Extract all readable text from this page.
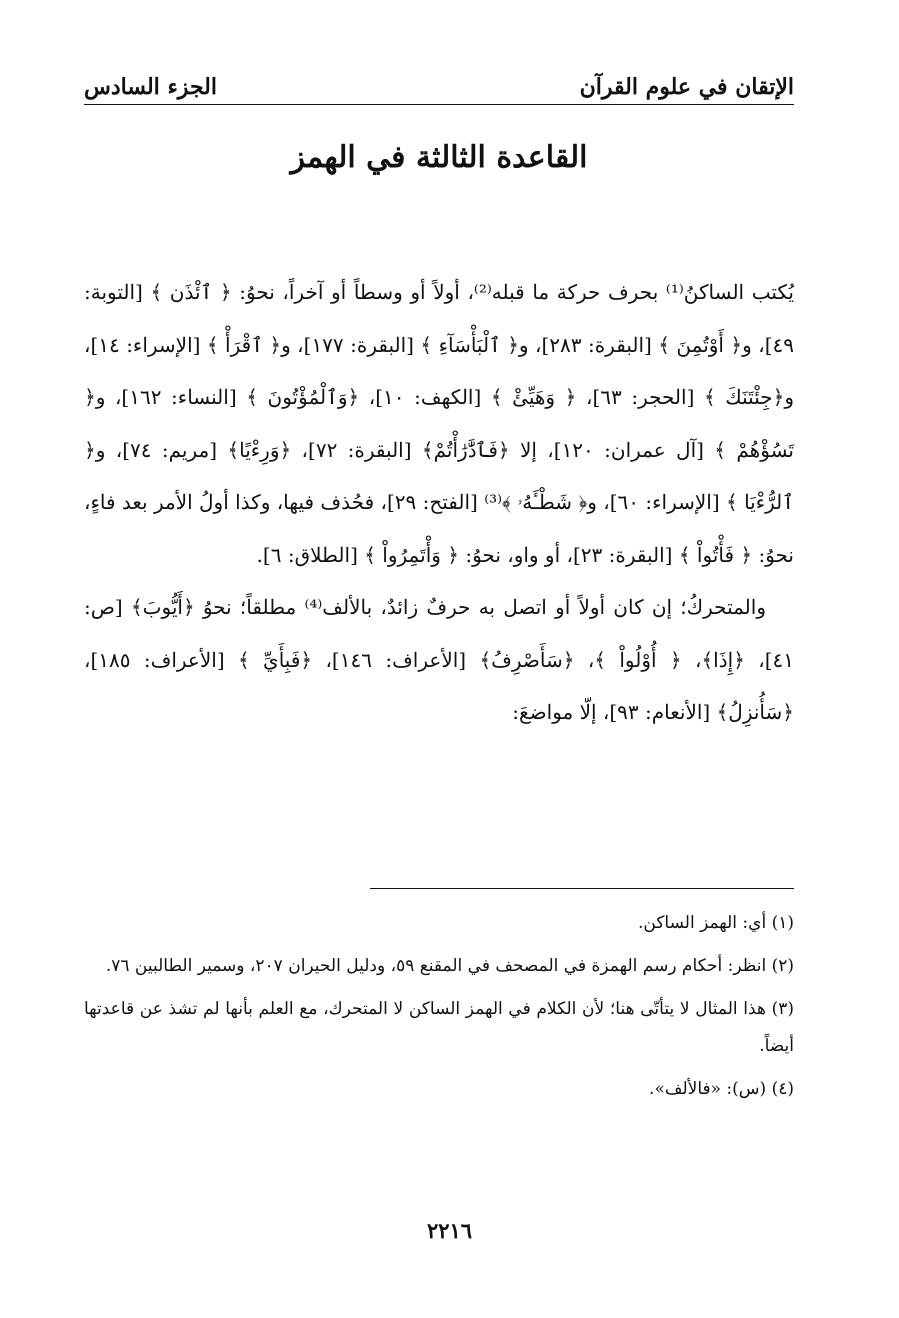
الإتقان في علوم القرآن
الجزء السادس
القاعدة الثالثة في الهمز

يُكتب الساكنُ⁽¹⁾ بحرف حركة ما قبله⁽²⁾، أولاً أو وسطاً أو آخراً، نحوُ: ﴿ ٱئْذَن ﴾ [التوبة: ٤٩]، و﴿ أَوْتُمِنَ ﴾ [البقرة: ٢٨٣]، و﴿ ٱلْبَأْسَآءِ ﴾ [البقرة: ١٧٧]، و﴿ ٱقْرَأْ ﴾ [الإسراء: ١٤]، و﴿جِئْتَنَكَ ﴾ [الحجر: ٦٣]، ﴿ وَهَيِّئْ ﴾ [الكهف: ١٠]، ﴿وَٱلْمُؤْتُونَ ﴾ [النساء: ١٦٢]، و﴿ تَسُؤْهُمْ ﴾ [آل عمران: ١٢٠]، إلا ﴿فَٱدَّٰرَٰأْتُمْ﴾ [البقرة: ٧٢]، ﴿وَرِءْيًا﴾ [مريم: ٧٤]، و﴿ ٱلرُّءْيَا ﴾ [الإسراء: ٦٠]، و﴿ شَطْـَٔهُۥ ﴾⁽³⁾ [الفتح: ٢٩]، فحُذف فيها، وكذا أولُ الأمر بعد فاءٍ، نحوُ: ﴿ فَأْتُواْ ﴾ [البقرة: ٢٣]، أو واو، نحوُ: ﴿ وَأْتَمِرُواْ ﴾ [الطلاق: ٦].

والمتحركُ؛ إن كان أولاً أو اتصل به حرفٌ زائدٌ، بالألف⁽⁴⁾ مطلقاً؛ نحوُ ﴿أَيُّوبَ﴾ [ص: ٤١]، ﴿إِذَا﴾، ﴿ أُوْلُواْ ﴾، ﴿سَأَصْرِفُ﴾ [الأعراف: ١٤٦]، ﴿فَبِأَيِّ ﴾ [الأعراف: ١٨٥]، ﴿سَأُنزِلُ﴾ [الأنعام: ٩٣]، إلّا مواضعَ:

(١) أي: الهمز الساكن.

(٢) انظر: أحكام رسم الهمزة في المصحف في المقنع ٥٩، ودليل الحيران ٢٠٧، وسمير الطالبين ٧٦.

(٣) هذا المثال لا يتأتّى هنا؛ لأن الكلام في الهمز الساكن لا المتحرك، مع العلم بأنها لم تشذ عن قاعدتها أيضاً.

(٤) (س): «فالألف».

٢٢١٦
